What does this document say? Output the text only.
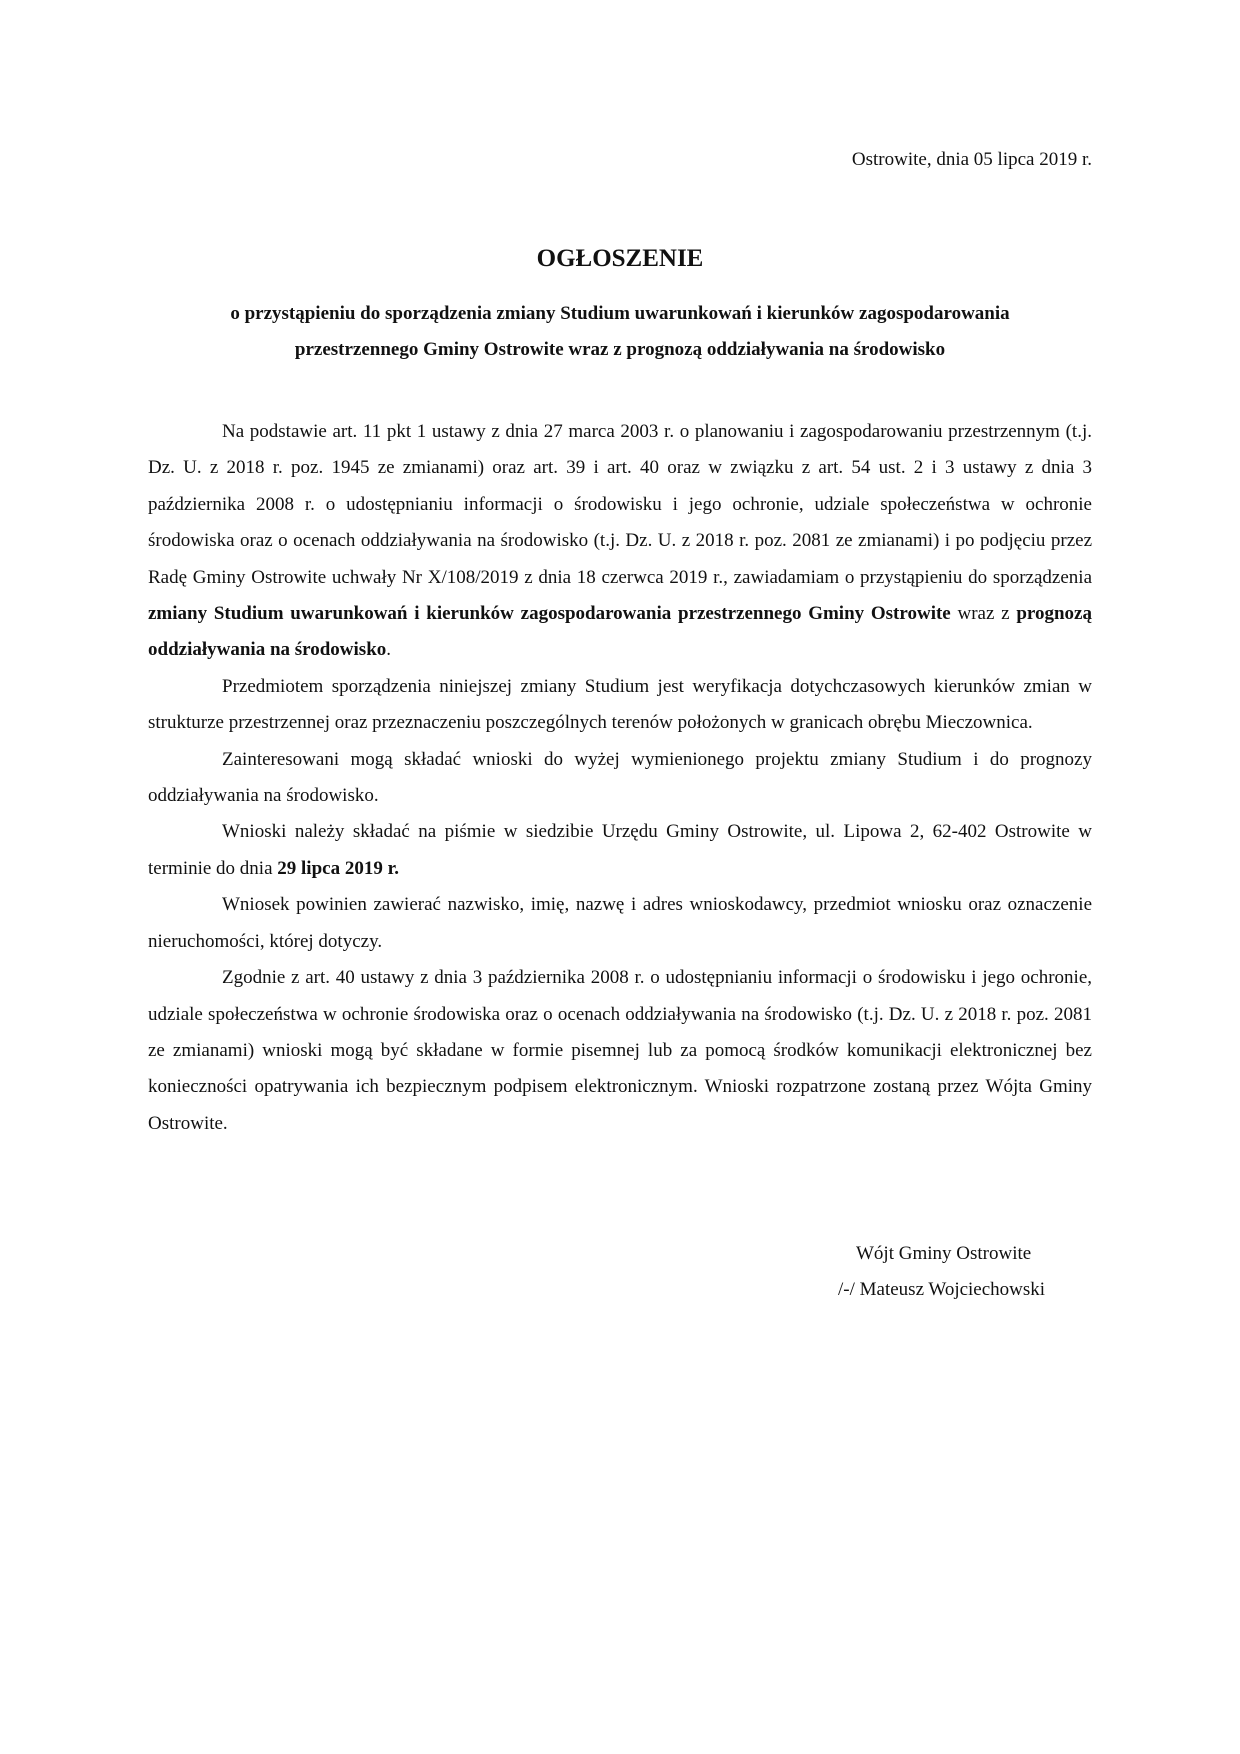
Ostrowite, dnia 05 lipca 2019 r.
OGŁOSZENIE
o przystąpieniu do sporządzenia zmiany Studium uwarunkowań i kierunków zagospodarowania
przestrzennego Gminy Ostrowite wraz z prognozą oddziaływania na środowisko

Na podstawie art. 11 pkt 1 ustawy z dnia 27 marca 2003 r. o planowaniu i zagospodarowaniu przestrzennym (t.j. Dz. U. z 2018 r. poz. 1945 ze zmianami) oraz art. 39 i art. 40 oraz w związku z art. 54 ust. 2 i 3 ustawy z dnia 3 października 2008 r. o udostępnianiu informacji o środowisku i jego ochronie, udziale społeczeństwa w ochronie środowiska oraz o ocenach oddziaływania na środowisko (t.j. Dz. U. z 2018 r. poz. 2081 ze zmianami) i po podjęciu przez Radę Gminy Ostrowite uchwały Nr X/108/2019 z dnia 18 czerwca 2019 r., zawiadamiam o przystąpieniu do sporządzenia zmiany Studium uwarunkowań i kierunków zagospodarowania przestrzennego Gminy Ostrowite wraz z prognozą oddziaływania na środowisko.

Przedmiotem sporządzenia niniejszej zmiany Studium jest weryfikacja dotychczasowych kierunków zmian w strukturze przestrzennej oraz przeznaczeniu poszczególnych terenów położonych w granicach obrębu Mieczownica.

Zainteresowani mogą składać wnioski do wyżej wymienionego projektu zmiany Studium i do prognozy oddziaływania na środowisko.

Wnioski należy składać na piśmie w siedzibie Urzędu Gminy Ostrowite, ul. Lipowa 2, 62-402 Ostrowite w terminie do dnia 29 lipca 2019 r.

Wniosek powinien zawierać nazwisko, imię, nazwę i adres wnioskodawcy, przedmiot wniosku oraz oznaczenie nieruchomości, której dotyczy.

Zgodnie z art. 40 ustawy z dnia 3 października 2008 r. o udostępnianiu informacji o środowisku i jego ochronie, udziale społeczeństwa w ochronie środowiska oraz o ocenach oddziaływania na środowisko (t.j. Dz. U. z 2018 r. poz. 2081 ze zmianami) wnioski mogą być składane w formie pisemnej lub za pomocą środków komunikacji elektronicznej bez konieczności opatrywania ich bezpiecznym podpisem elektronicznym. Wnioski rozpatrzone zostaną przez Wójta Gminy Ostrowite.

Wójt Gminy Ostrowite
/-/ Mateusz Wojciechowski
